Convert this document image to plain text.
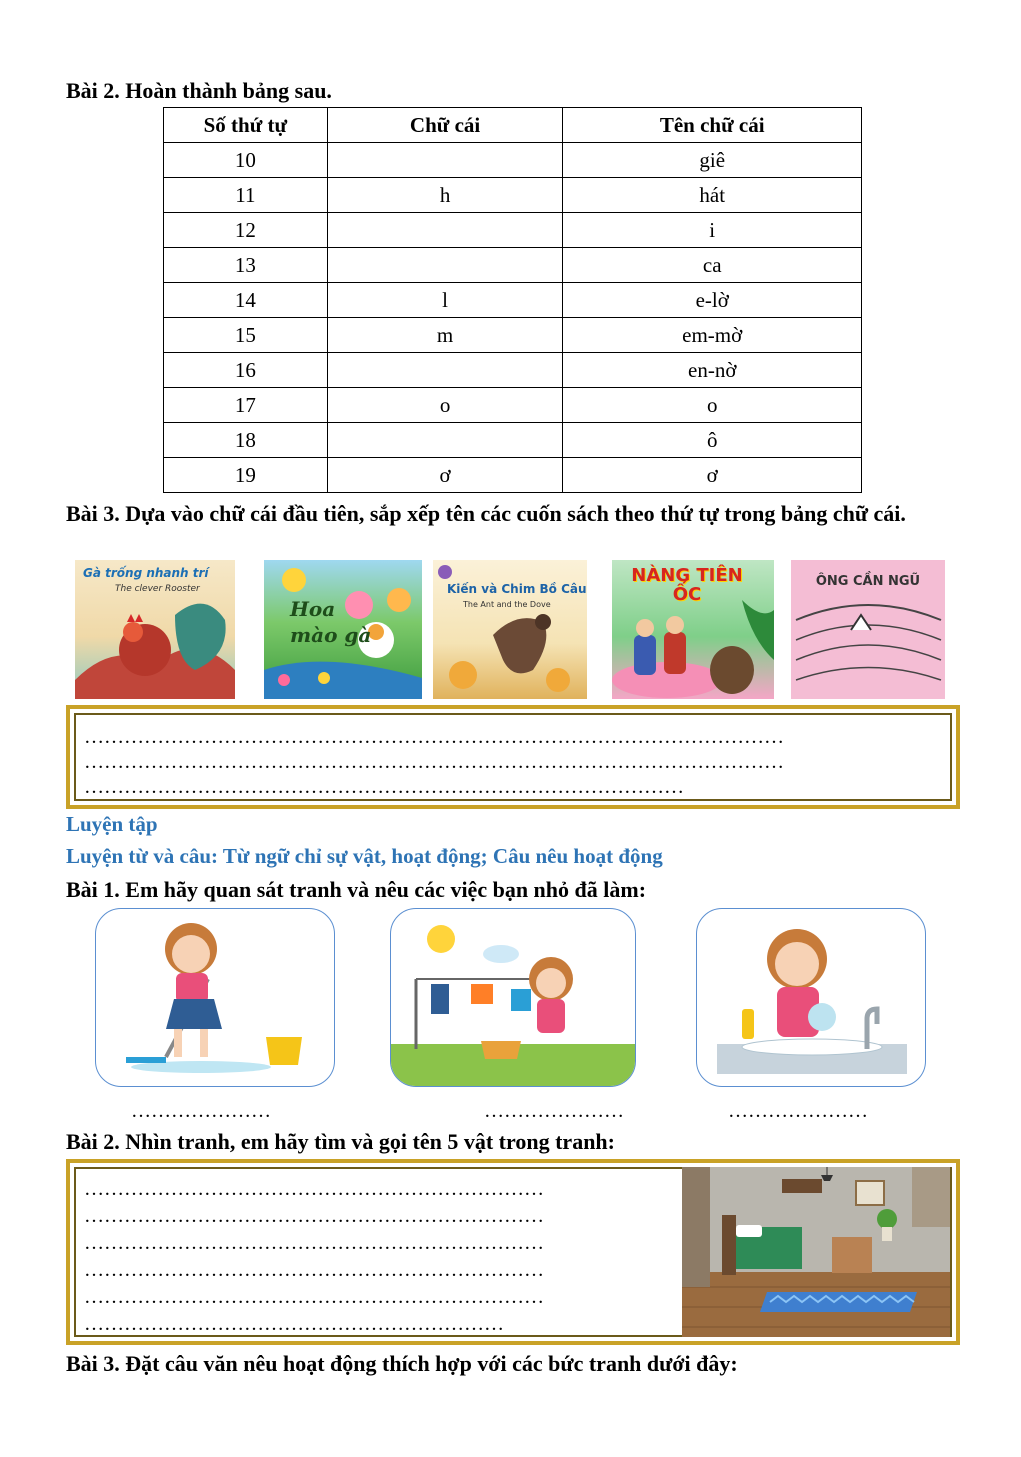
Bài 2. Hoàn thành bảng sau.
Số thứ tự	Chữ cái	Tên chữ cái
10		giê
11	h	hát
12		i
13		ca
14	l	e-lờ
15	m	em-mờ
16		en-nờ
17	o	o
18		ô
19	ơ	ơ
Bài 3. Dựa vào chữ cái đầu tiên, sắp xếp tên các cuốn sách theo thứ tự trong bảng chữ cái.
Gà trống nhanh trí
The clever Rooster
Hoa mào gà
Kiến và Chim Bồ Câu
The Ant and the Dove
NÀNG TIÊN ỐC
ÔNG CẦN NGŨ
……………………………………………………………………………………………
……………………………………………………………………………………………
………………………………………………………………………………
Luyện tập
Luyện từ và câu: Từ ngữ chỉ sự vật, hoạt động; Câu nêu hoạt động
Bài 1. Em hãy quan sát tranh và nêu các việc bạn nhỏ đã làm:
…………………	…………………	…………………
Bài 2. Nhìn tranh, em hãy tìm và gọi tên 5 vật trong tranh:
……………………………………………………………
……………………………………………………………
……………………………………………………………
……………………………………………………………
……………………………………………………………
………………………………………………………
Bài 3. Đặt câu văn nêu hoạt động thích hợp với các bức tranh dưới đây:
